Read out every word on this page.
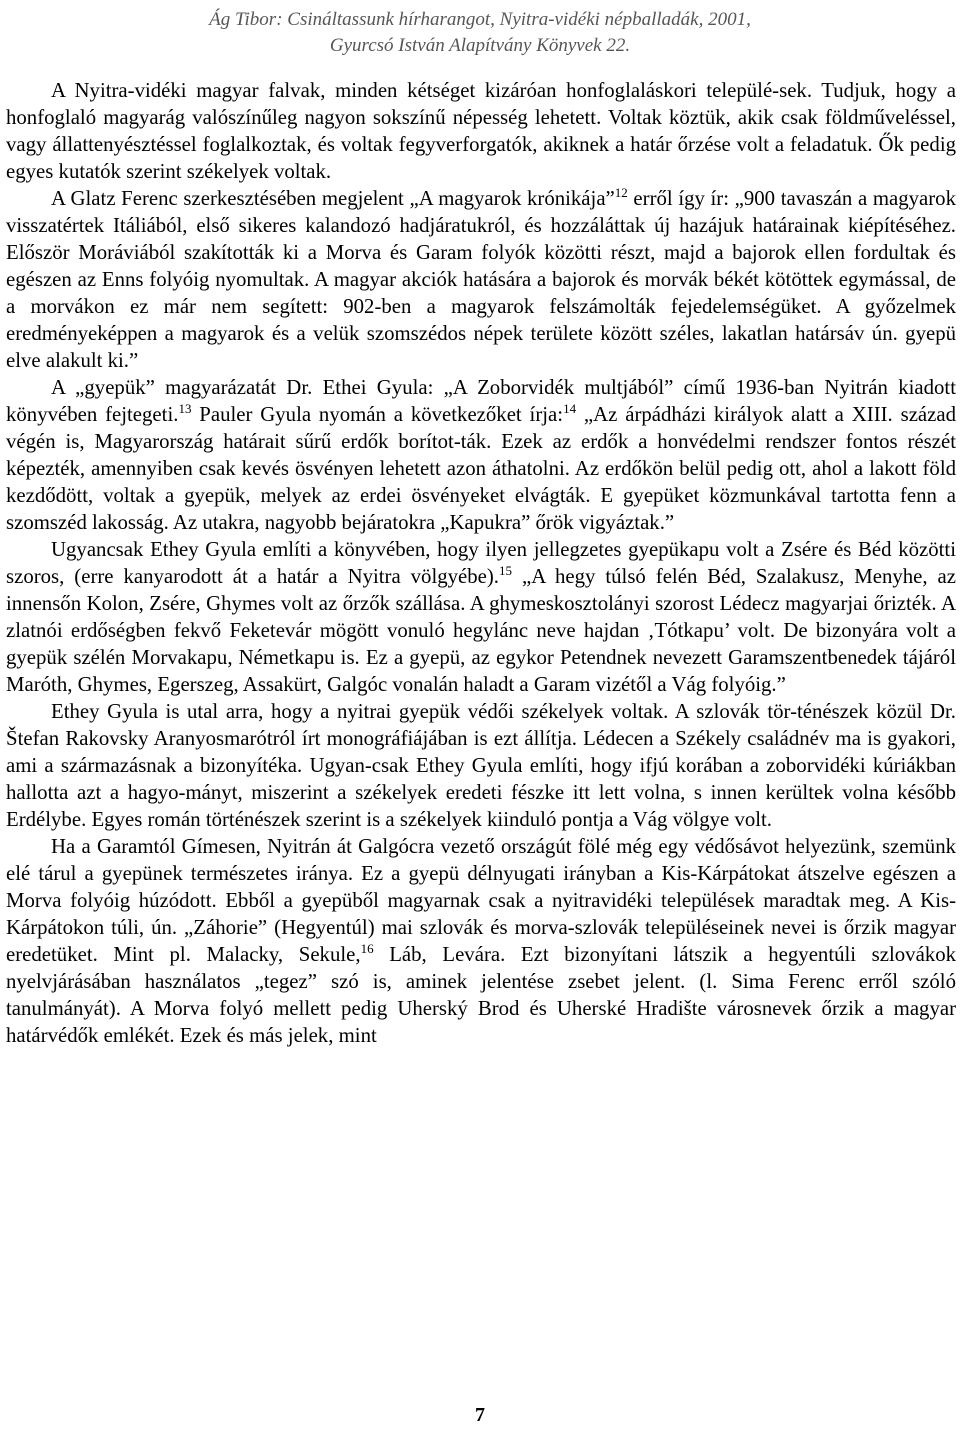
Ág Tibor: Csináltassunk hírharangot, Nyitra-vidéki népballadák, 2001,
Gyurcsó István Alapítvány Könyvek 22.

A Nyitra-vidéki magyar falvak, minden kétséget kizáróan honfoglaláskori települé-sek. Tudjuk, hogy a honfoglaló magyarág valószínűleg nagyon sokszínű népesség lehetett. Voltak köztük, akik csak földműveléssel, vagy állattenyésztéssel foglalkoztak, és voltak fegyverforgatók, akiknek a határ őrzése volt a feladatuk. Ők pedig egyes kutatók szerint székelyek voltak.

A Glatz Ferenc szerkesztésében megjelent „A magyarok krónikája”$^{12}$ erről így ír: „900 tavaszán a magyarok visszatértek Itáliából, első sikeres kalandozó hadjáratukról, és hozzáláttak új hazájuk határainak kiépítéséhez. Először Moráviából szakították ki a Morva és Garam folyók közötti részt, majd a bajorok ellen fordultak és egészen az Enns folyóig nyomultak. A magyar akciók hatására a bajorok és morvák békét kötöttek egymással, de a morvákon ez már nem segített: 902-ben a magyarok felszámolták fejedelemségüket. A győzelmek eredményeképpen a magyarok és a velük szomszédos népek területe között széles, lakatlan határsáv ún. gyepü elve alakult ki.”

A „gyepük” magyarázatát Dr. Ethei Gyula: „A Zoborvidék multjából” című 1936-ban Nyitrán kiadott könyvében fejtegeti.$^{13}$ Pauler Gyula nyomán a következőket írja:$^{14}$ „Az árpádházi királyok alatt a XIII. század végén is, Magyarország határait sűrű erdők borítot-ták. Ezek az erdők a honvédelmi rendszer fontos részét képezték, amennyiben csak kevés ösvényen lehetett azon áthatolni. Az erdőkön belül pedig ott, ahol a lakott föld kezdődött, voltak a gyepük, melyek az erdei ösvényeket elvágták. E gyepüket közmunkával tartotta fenn a szomszéd lakosság. Az utakra, nagyobb bejáratokra „Kapukra” őrök vigyáztak.”

Ugyancsak Ethey Gyula említi a könyvében, hogy ilyen jellegzetes gyepükapu volt a Zsére és Béd közötti szoros, (erre kanyarodott át a határ a Nyitra völgyébe).$^{15}$ „A hegy túlsó felén Béd, Szalakusz, Menyhe, az innensőn Kolon, Zsére, Ghymes volt az őrzők szállása. A ghymeskosztolányi szorost Lédecz magyarjai őrizték. A zlatnói erdőségben fekvő Feketevár mögött vonuló hegylánc neve hajdan ‚Tótkapu’ volt. De bizonyára volt a gyepük szélén Morvakapu, Németkapu is. Ez a gyepü, az egykor Petendnek nevezett Garamszentbenedek tájáról Maróth, Ghymes, Egerszeg, Assakürt, Galgóc vonalán haladt a Garam vizétől a Vág folyóig.”

Ethey Gyula is utal arra, hogy a nyitrai gyepük védői székelyek voltak. A szlovák tör-ténészek közül Dr. Štefan Rakovsky Aranyosmarótról írt monográfiájában is ezt állítja. Lédecen a Székely családnév ma is gyakori, ami a származásnak a bizonyítéka. Ugyan-csak Ethey Gyula említi, hogy ifjú korában a zoborvidéki kúriákban hallotta azt a hagyo-mányt, miszerint a székelyek eredeti fészke itt lett volna, s innen kerültek volna később Erdélybe. Egyes román történészek szerint is a székelyek kiinduló pontja a Vág völgye volt.

Ha a Garamtól Gímesen, Nyitrán át Galgócra vezető országút fölé még egy védősávot helyezünk, szemünk elé tárul a gyepünek természetes iránya. Ez a gyepü délnyugati irányban a Kis-Kárpátokat átszelve egészen a Morva folyóig húzódott. Ebből a gyepüből magyarnak csak a nyitravidéki települések maradtak meg. A Kis-Kárpátokon túli, ún. „Záhorie” (Hegyentúl) mai szlovák és morva-szlovák településeinek nevei is őrzik magyar eredetüket. Mint pl. Malacky, Sekule,$^{16}$ Láb, Levára. Ezt bizonyítani látszik a hegyentúli szlovákok nyelvjárásában használatos „tegez” szó is, aminek jelentése zsebet jelent. (l. Sima Ferenc erről szóló tanulmányát). A Morva folyó mellett pedig Uherský Brod és Uherské Hradište városnevek őrzik a magyar határvédők emlékét. Ezek és más jelek, mint

7
